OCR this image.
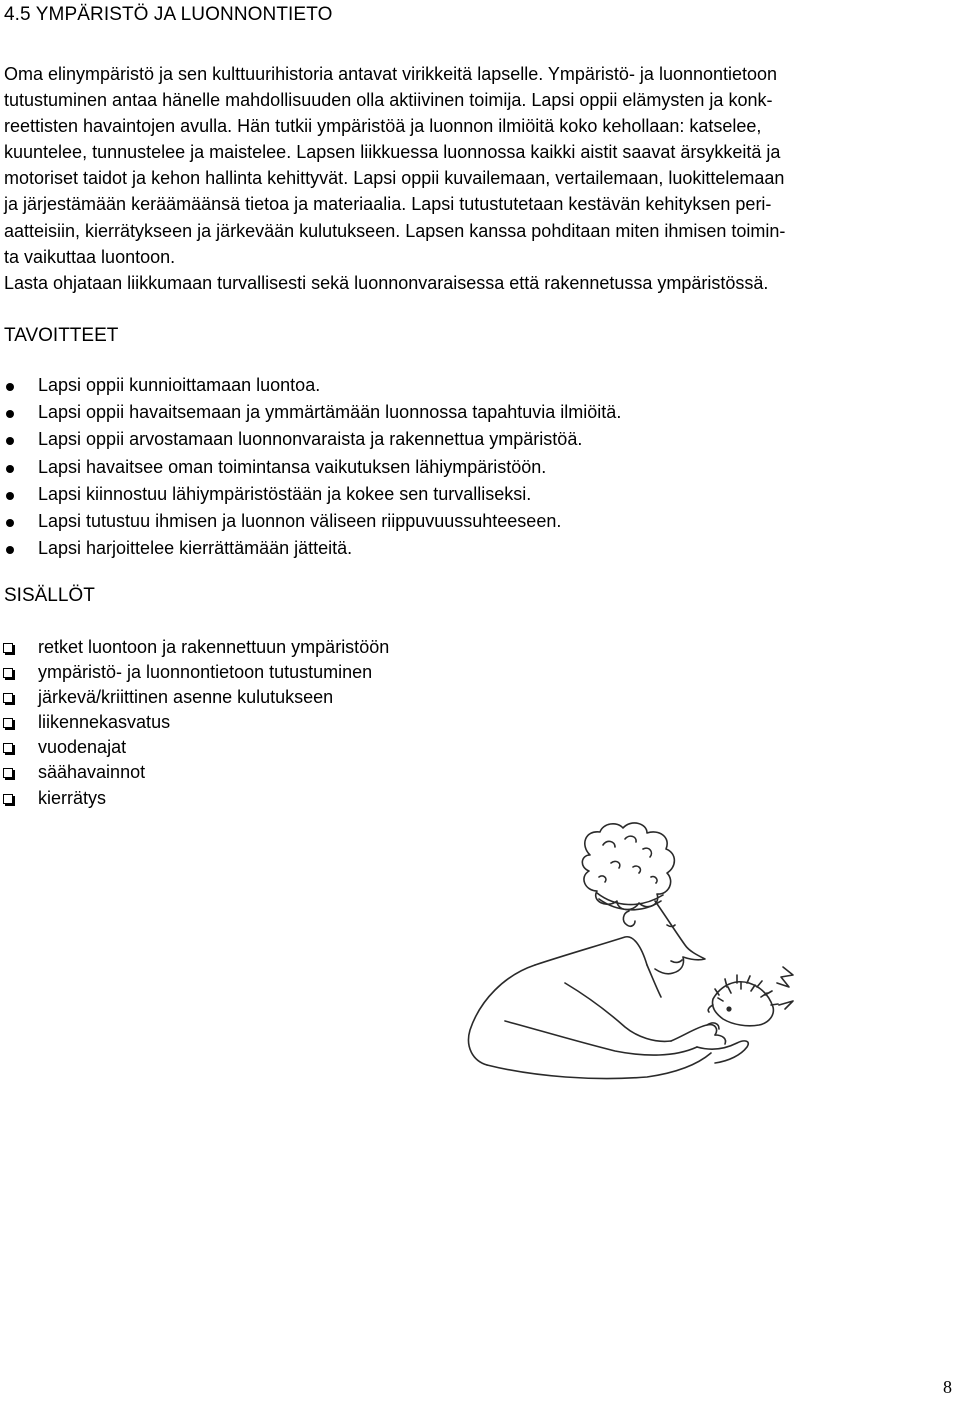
4.5 YMPÄRISTÖ JA LUONNONTIETO

Oma elinympäristö ja sen kulttuurihistoria antavat virikkeitä lapselle. Ympäristö- ja luonnontietoon
tutustuminen antaa hänelle mahdollisuuden olla aktiivinen toimija. Lapsi oppii elämysten ja konk-
reettisten havaintojen avulla. Hän tutkii ympäristöä ja luonnon ilmiöitä koko kehollaan: katselee,
kuuntelee, tunnustelee ja maistelee. Lapsen liikkuessa luonnossa kaikki aistit saavat ärsykkeitä ja
motoriset taidot ja kehon hallinta kehittyvät. Lapsi oppii kuvailemaan, vertailemaan, luokittelemaan
ja järjestämään keräämäänsä tietoa ja materiaalia. Lapsi tutustutetaan kestävän kehityksen peri-
aatteisiin, kierrätykseen ja järkevään kulutukseen. Lapsen kanssa pohditaan miten ihmisen toimin-
ta vaikuttaa luontoon.
Lasta ohjataan liikkumaan turvallisesti sekä luonnonvaraisessa että rakennetussa ympäristössä.

TAVOITTEET
Lapsi oppii kunnioittamaan luontoa.
Lapsi oppii havaitsemaan ja ymmärtämään luonnossa tapahtuvia ilmiöitä.
Lapsi oppii arvostamaan luonnonvaraista ja rakennettua ympäristöä.
Lapsi havaitsee oman toimintansa vaikutuksen lähiympäristöön.
Lapsi kiinnostuu lähiympäristöstään ja kokee sen turvalliseksi.
Lapsi tutustuu ihmisen ja luonnon väliseen riippuvuussuhteeseen.
Lapsi harjoittelee kierrättämään jätteitä.
SISÄLLÖT
retket luontoon ja rakennettuun ympäristöön
ympäristö- ja luonnontietoon tutustuminen
järkevä/kriittinen asenne kulutukseen
liikennekasvatus
vuodenajat
säähavainnot
kierrätys
8
